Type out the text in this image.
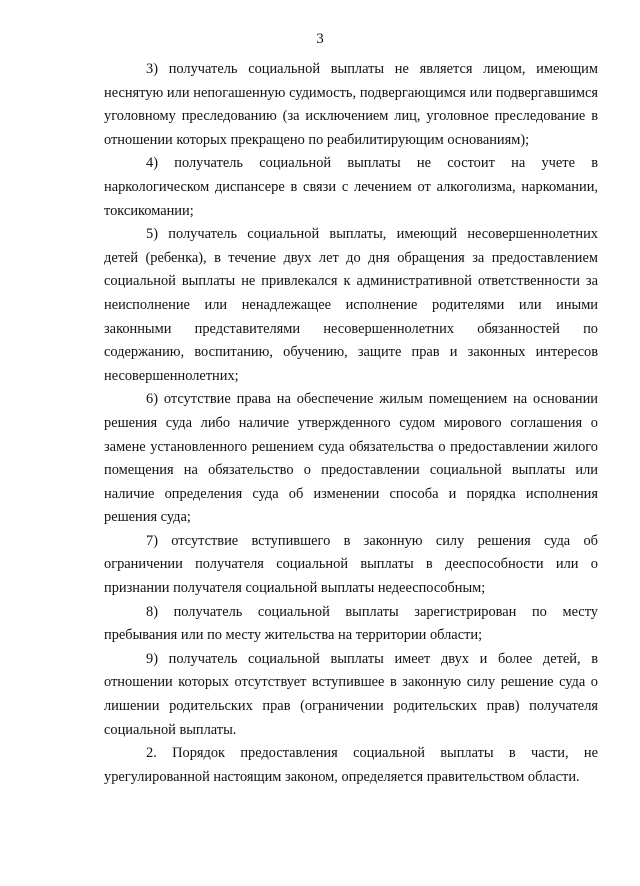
3

3) получатель социальной выплаты не является лицом, имеющим неснятую или непогашенную судимость, подвергающимся или подвергавшимся уголовному преследованию (за исключением лиц, уголовное преследование в отношении которых прекращено по реабилитирующим основаниям);

4) получатель социальной выплаты не состоит на учете в наркологическом диспансере в связи с лечением от алкоголизма, наркомании, токсикомании;

5) получатель социальной выплаты, имеющий несовершеннолетних детей (ребенка), в течение двух лет до дня обращения за предоставлением социальной выплаты не привлекался к административной ответственности за неисполнение или ненадлежащее исполнение родителями или иными законными представителями несовершеннолетних обязанностей по содержанию, воспитанию, обучению, защите прав и законных интересов несовершеннолетних;

6) отсутствие права на обеспечение жилым помещением на основании решения суда либо наличие утвержденного судом мирового соглашения о замене установленного решением суда обязательства о предоставлении жилого помещения на обязательство о предоставлении социальной выплаты или наличие определения суда об изменении способа и порядка исполнения решения суда;

7) отсутствие вступившего в законную силу решения суда об ограничении получателя социальной выплаты в дееспособности или о признании получателя социальной выплаты недееспособным;

8) получатель социальной выплаты зарегистрирован по месту пребывания или по месту жительства на территории области;

9) получатель социальной выплаты имеет двух и более детей, в отношении которых отсутствует вступившее в законную силу решение суда о лишении родительских прав (ограничении родительских прав) получателя социальной выплаты.

2. Порядок предоставления социальной выплаты в части, не урегулированной настоящим законом, определяется правительством области.
